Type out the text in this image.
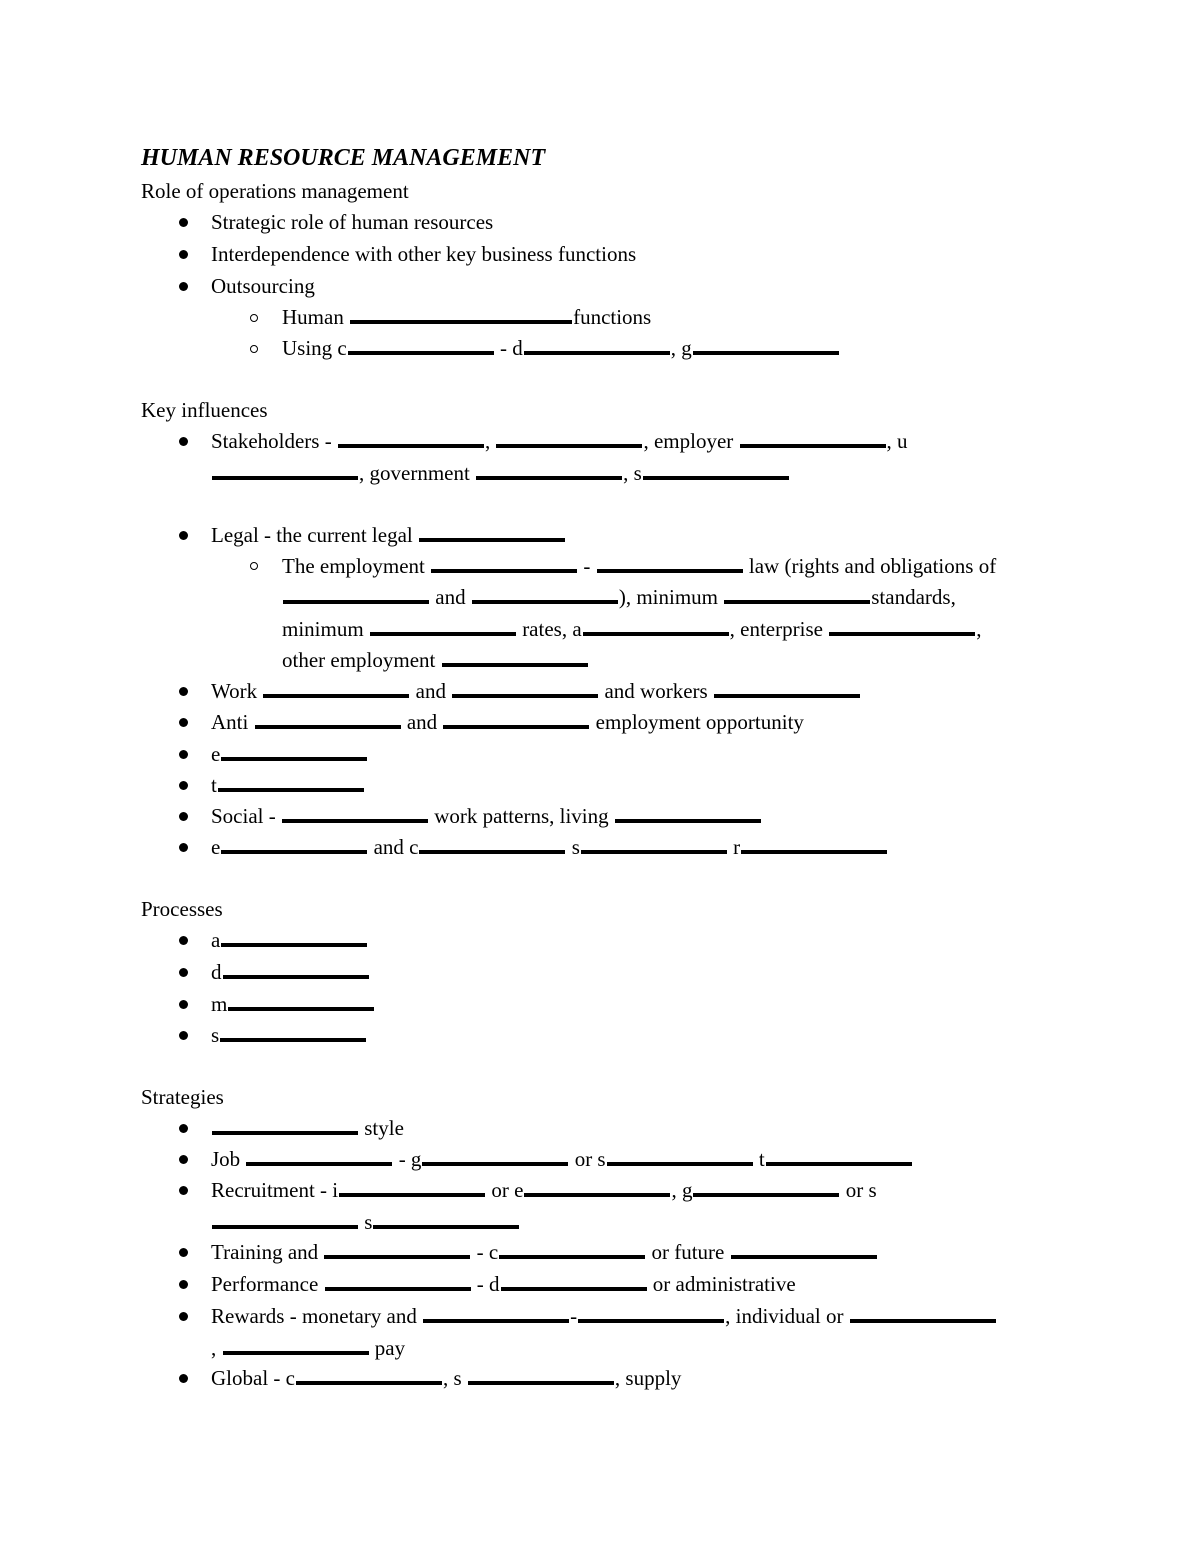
HUMAN RESOURCE MANAGEMENT
Role of operations management
Strategic role of human resources
Interdependence with other key business functions
Outsourcing
Human	functions
Using c	- d	, g
Key influences
Stakeholders -	,	, employer	, u
, government	, s
Legal - the current legal
The employment	-	law (rights and obligations of
and	), minimum	standards,
minimum	rates, a	, enterprise	,
other employment
Work	and	and workers
Anti	and	employment opportunity
e
t
Social -	work patterns, living
e	and c	s	r
Processes
a
d
m
s
Strategies
style
Job	- g	or s	t
Recruitment - i	or e	, g	or s
s
Training and	- c	or future
Performance	- d	or administrative
Rewards - monetary and	-	, individual or
,	pay
Global - c	, s	, supply
